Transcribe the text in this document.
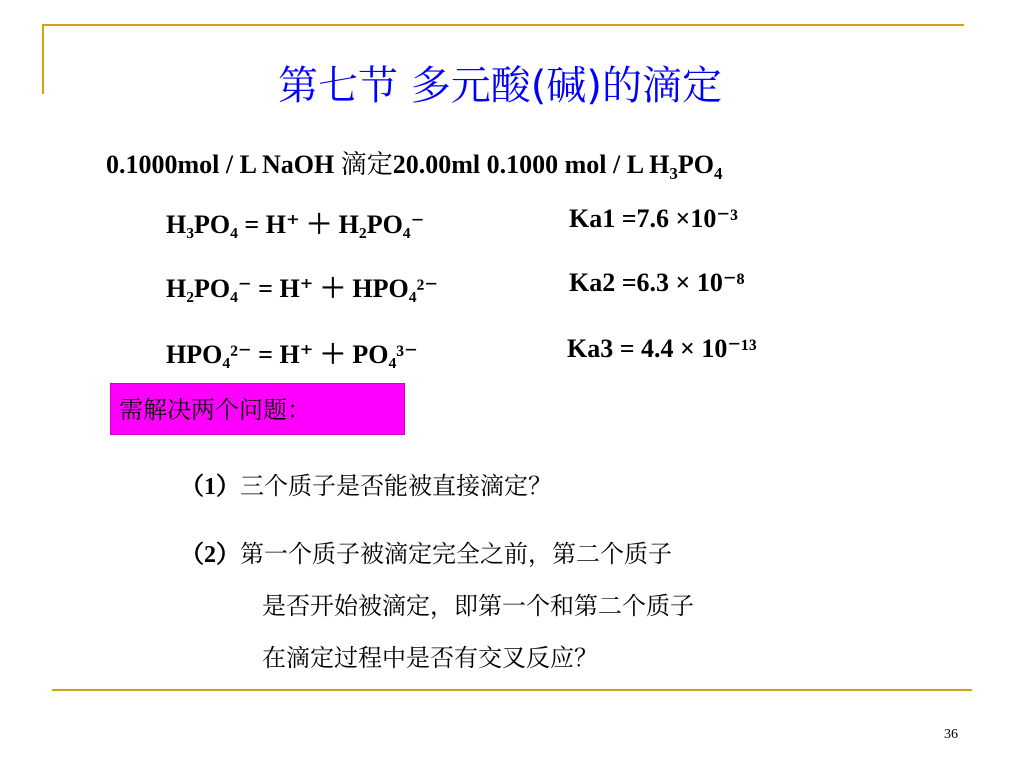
第七节 多元酸(碱)的滴定
0.1000mol / L NaOH 滴定20.00ml 0.1000 mol / L $H_3PO_4$
H₃PO₄ = H⁺ ＋ H₂PO₄⁻	Ka1 =7.6 ×10⁻³
H₂PO₄⁻ = H⁺ ＋ HPO₄²⁻	Ka2 =6.3 × 10⁻⁸
HPO₄²⁻ = H⁺ ＋ PO₄³⁻	Ka3 = 4.4 × 10⁻¹³
需解决两个问题：
（1）三个质子是否能被直接滴定？
（2）第一个质子被滴定完全之前，第二个质子
是否开始被滴定，即第一个和第二个质子
在滴定过程中是否有交叉反应？
36
